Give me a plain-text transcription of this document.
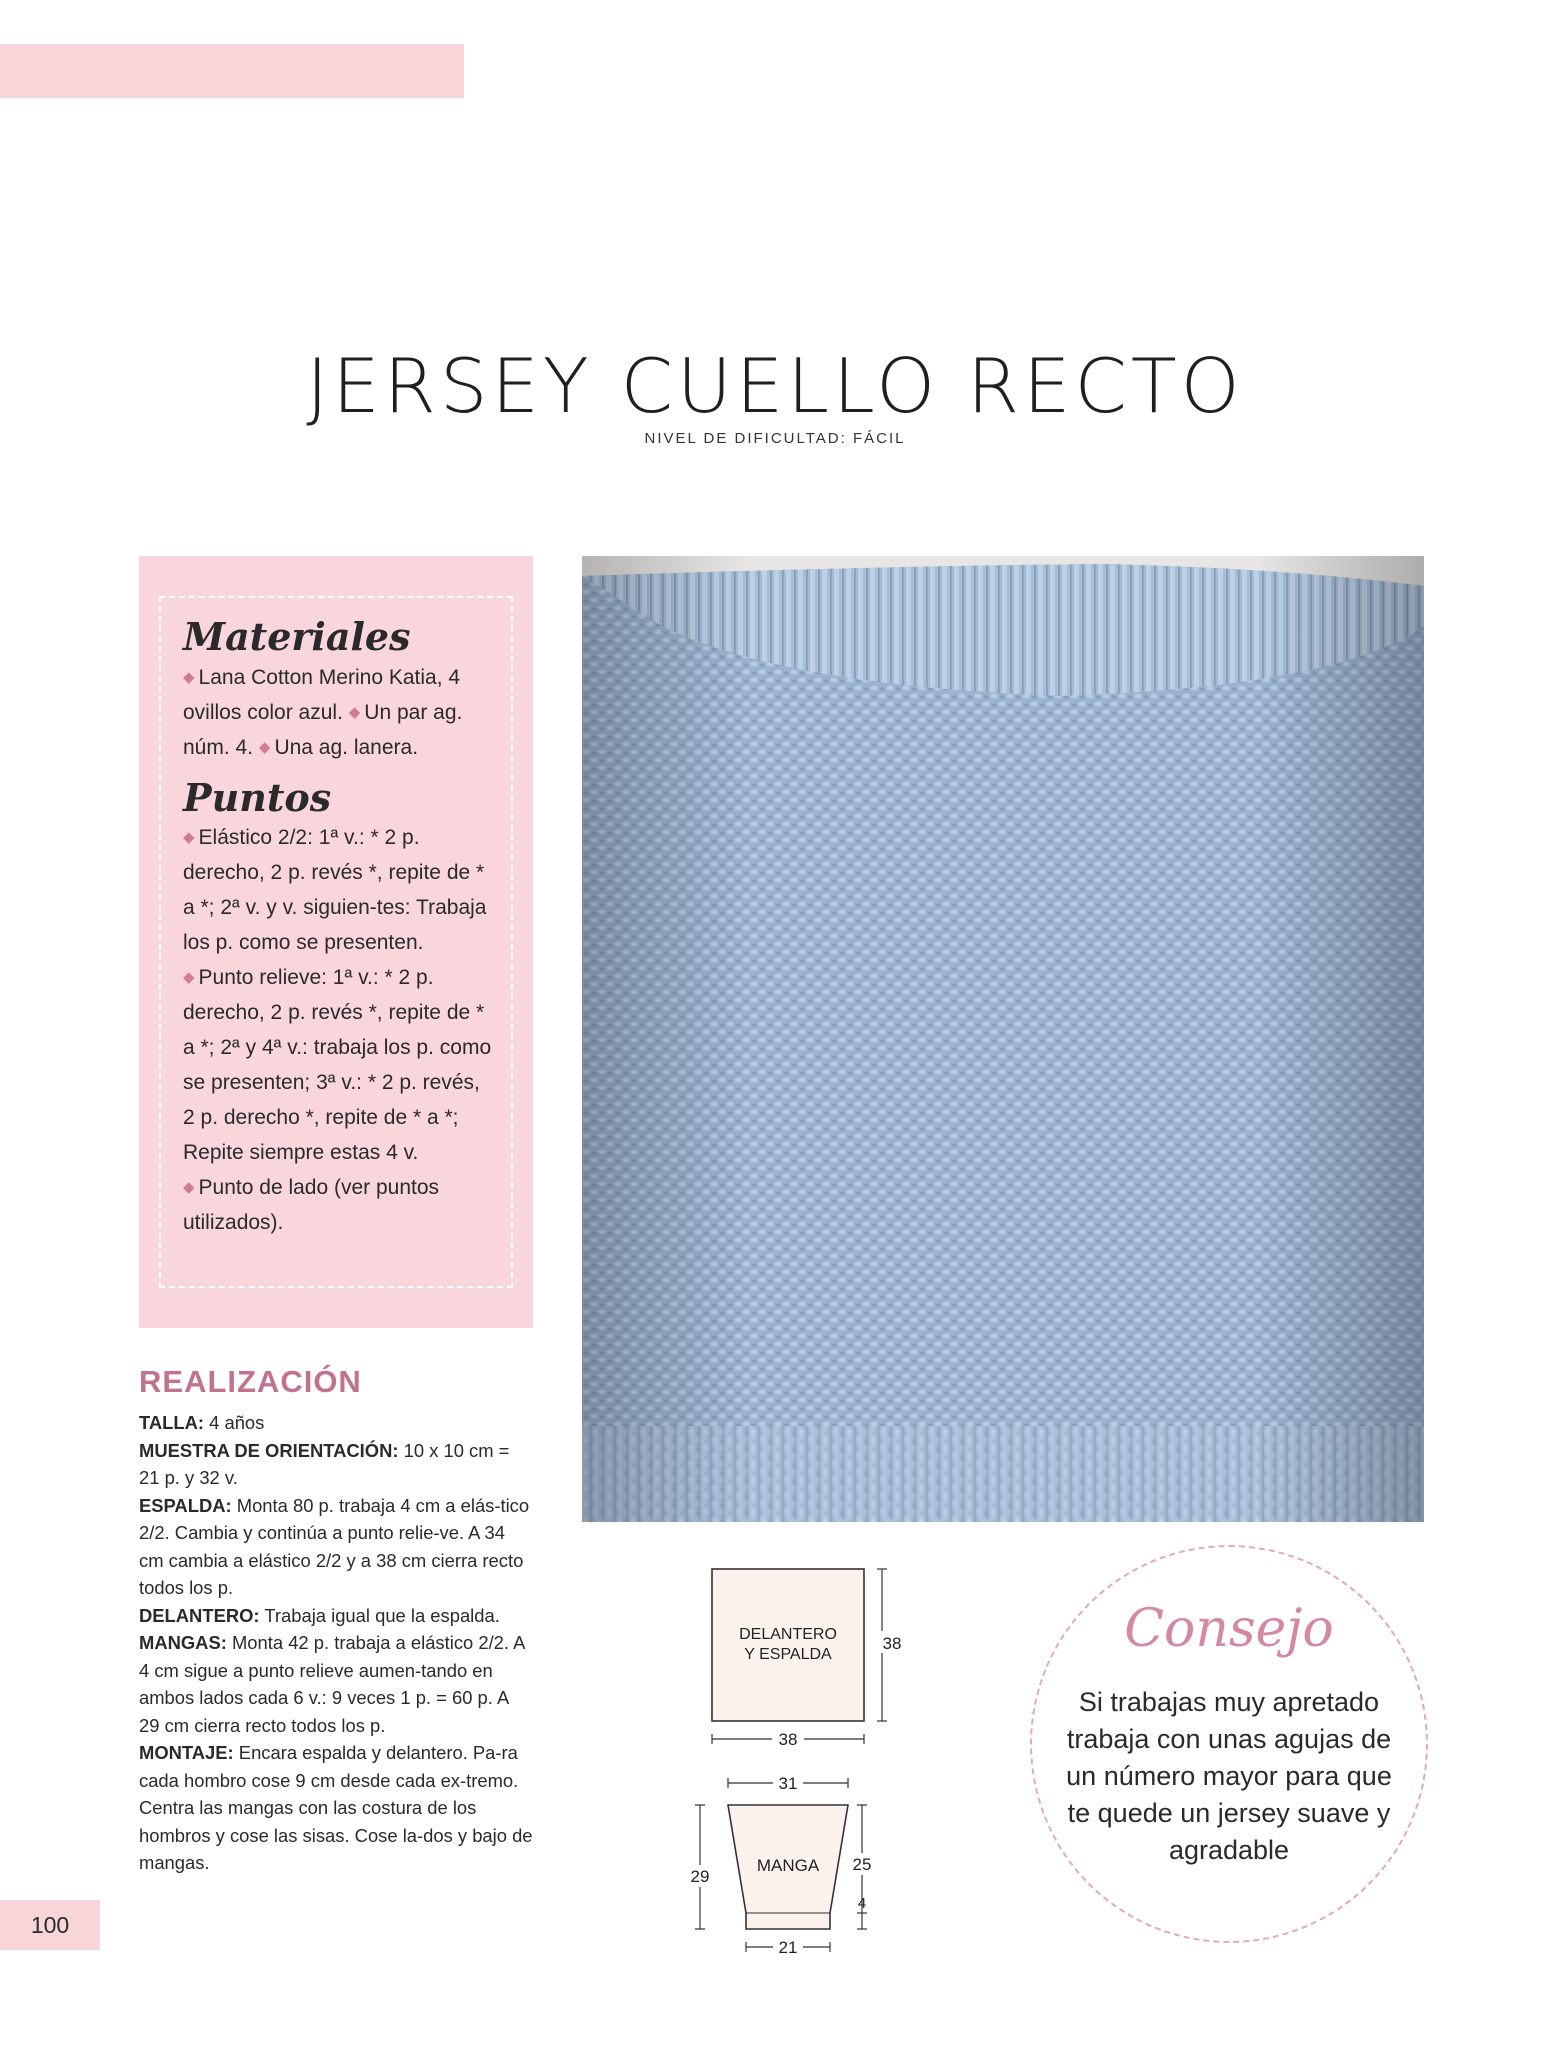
JERSEY CUELLO RECTO
NIVEL DE DIFICULTAD: FÁCIL
Materiales

◆ Lana Cotton Merino Katia, 4 ovillos color azul. ◆ Un par ag. núm. 4. ◆ Una ag. lanera.

Puntos

◆ Elástico 2/2: 1ª v.: * 2 p. derecho, 2 p. revés *, repite de * a *; 2ª v. y v. siguien-tes: Trabaja los p. como se presenten. ◆ Punto relieve: 1ª v.: * 2 p. derecho, 2 p. revés *, repite de * a *; 2ª y 4ª v.: trabaja los p. como se presenten; 3ª v.: * 2 p. revés, 2 p. derecho *, repite de * a *; Repite siempre estas 4 v. ◆ Punto de lado (ver puntos utilizados).

REALIZACIÓN
TALLA: 4 años
MUESTRA DE ORIENTACIÓN: 10 x 10 cm = 21 p. y 32 v.
ESPALDA: Monta 80 p. trabaja 4 cm a elás-tico 2/2. Cambia y continúa a punto relie-ve. A 34 cm cambia a elástico 2/2 y a 38 cm cierra recto todos los p.
DELANTERO: Trabaja igual que la espalda.
MANGAS: Monta 42 p. trabaja a elástico 2/2. A 4 cm sigue a punto relieve aumen-tando en ambos lados cada 6 v.: 9 veces 1 p. = 60 p. A 29 cm cierra recto todos los p.
MONTAJE: Encara espalda y delantero. Pa-ra cada hombro cose 9 cm desde cada ex-tremo. Centra las mangas con las costura de los hombros y cose las sisas. Cose la-dos y bajo de mangas.
DELANTERO
Y ESPALDA
38
38
31
MANGA
29
25
4
21
Consejo
Si trabajas muy apretado trabaja con unas agujas de un número mayor para que te quede un jersey suave y agradable
100
